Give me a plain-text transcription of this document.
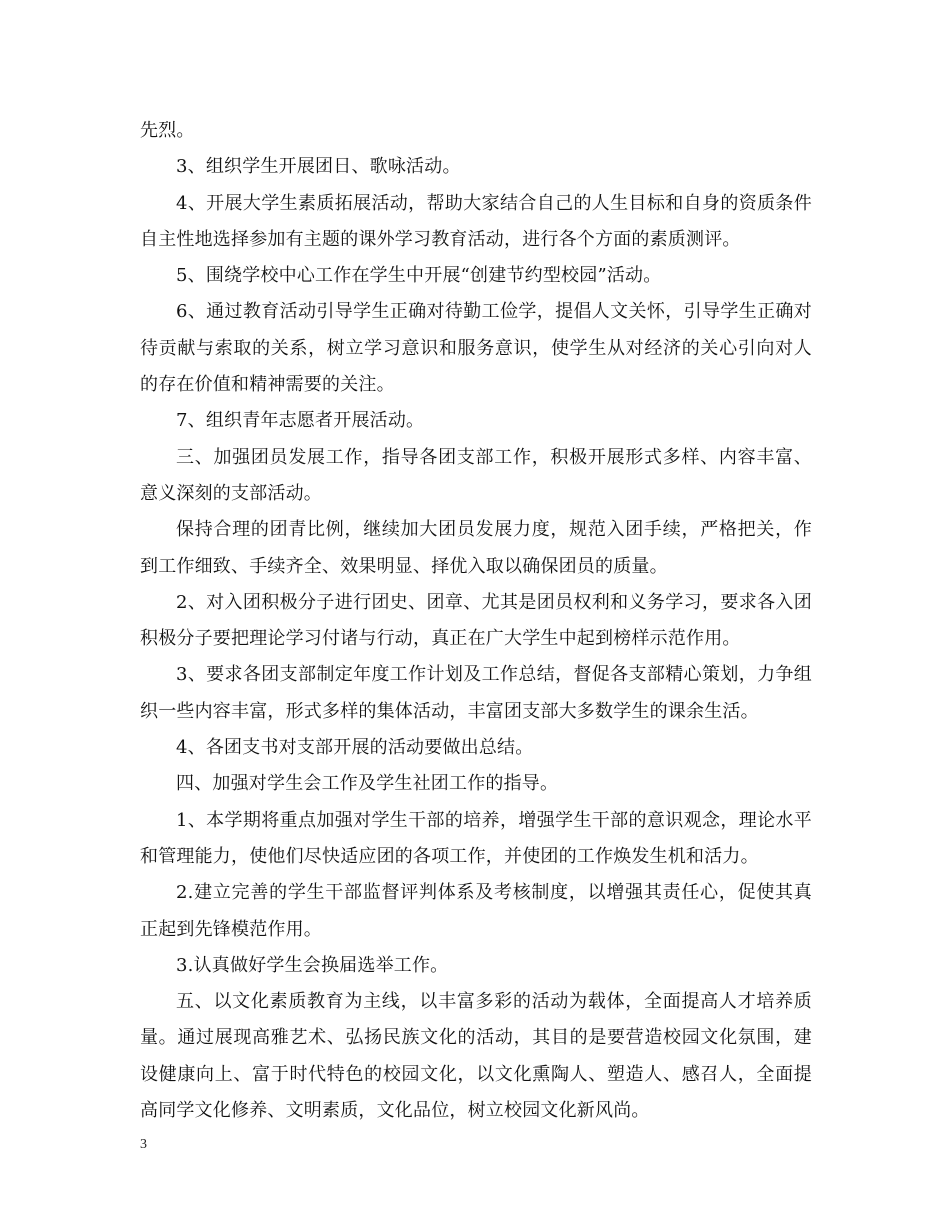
先烈。

3、组织学生开展团日、歌咏活动。

4、开展大学生素质拓展活动，帮助大家结合自己的人生目标和自身的资质条件自主性地选择参加有主题的课外学习教育活动，进行各个方面的素质测评。

5、围绕学校中心工作在学生中开展“创建节约型校园”活动。

6、通过教育活动引导学生正确对待勤工俭学，提倡人文关怀，引导学生正确对待贡献与索取的关系，树立学习意识和服务意识，使学生从对经济的关心引向对人的存在价值和精神需要的关注。

7、组织青年志愿者开展活动。

三、加强团员发展工作，指导各团支部工作，积极开展形式多样、内容丰富、意义深刻的支部活动。

保持合理的团青比例，继续加大团员发展力度，规范入团手续，严格把关，作到工作细致、手续齐全、效果明显、择优入取以确保团员的质量。

2、对入团积极分子进行团史、团章、尤其是团员权利和义务学习，要求各入团积极分子要把理论学习付诸与行动，真正在广大学生中起到榜样示范作用。

3、要求各团支部制定年度工作计划及工作总结，督促各支部精心策划，力争组织一些内容丰富，形式多样的集体活动，丰富团支部大多数学生的课余生活。

4、各团支书对支部开展的活动要做出总结。

四、加强对学生会工作及学生社团工作的指导。

1、本学期将重点加强对学生干部的培养，增强学生干部的意识观念，理论水平和管理能力，使他们尽快适应团的各项工作，并使团的工作焕发生机和活力。

2.建立完善的学生干部监督评判体系及考核制度，以增强其责任心，促使其真正起到先锋模范作用。

3.认真做好学生会换届选举工作。

五、以文化素质教育为主线，以丰富多彩的活动为载体，全面提高人才培养质量。通过展现高雅艺术、弘扬民族文化的活动，其目的是要营造校园文化氛围，建设健康向上、富于时代特色的校园文化，以文化熏陶人、塑造人、感召人，全面提高同学文化修养、文明素质，文化品位，树立校园文化新风尚。

3
